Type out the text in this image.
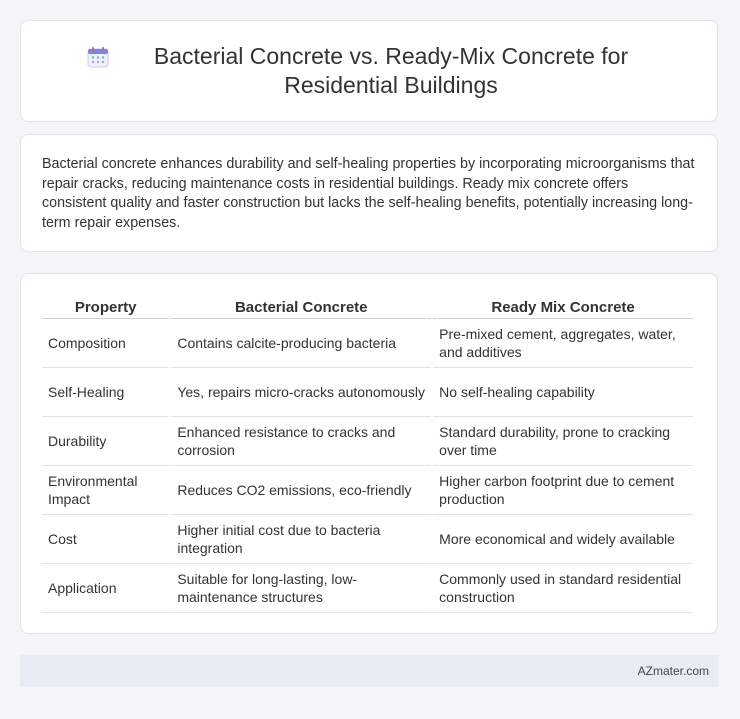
Bacterial Concrete vs. Ready-Mix Concrete for Residential Buildings

Bacterial concrete enhances durability and self-healing properties by incorporating microorganisms that repair cracks, reducing maintenance costs in residential buildings. Ready mix concrete offers consistent quality and faster construction but lacks the self-healing benefits, potentially increasing long-term repair expenses.

Property	Bacterial Concrete	Ready Mix Concrete
Composition	Contains calcite-producing bacteria	Pre-mixed cement, aggregates, water, and additives
Self-Healing	Yes, repairs micro-cracks autonomously	No self-healing capability
Durability	Enhanced resistance to cracks and corrosion	Standard durability, prone to cracking over time
Environmental Impact	Reduces CO2 emissions, eco-friendly	Higher carbon footprint due to cement production
Cost	Higher initial cost due to bacteria integration	More economical and widely available
Application	Suitable for long-lasting, low-maintenance structures	Commonly used in standard residential construction
AZmater.com
